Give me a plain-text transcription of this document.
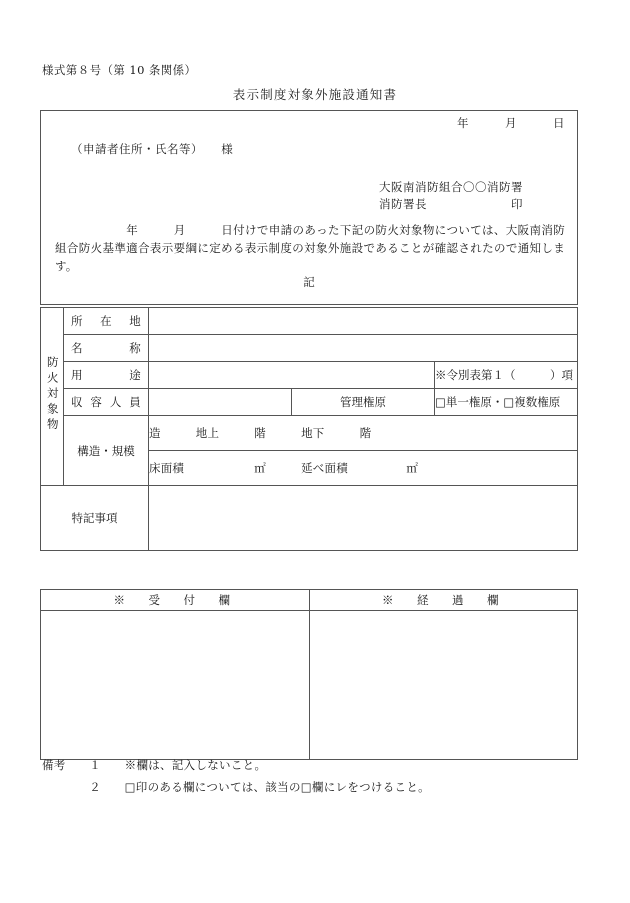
様式第８号（第 10 条関係）
表示制度対象外施設通知書
年　　　月　　　日
（申請者住所・氏名等）　　様
大阪南消防組合〇〇消防署
消防署長　　　　　　　印
　　　　　　年　　　月　　　日付けで申請のあった下記の防火対象物については、大阪南消防組合防火基準適合表示要綱に定める表示制度の対象外施設であることが確認されたので通知します。
記
防火対象物	所在地			
	名称			
	用途			※令別表第１（　　　）項
	収容人員		管理権原	□単一権原・□複数権原
	構造・規模	造　　　地上　　　階　　　地下　　　階		
		床面積　　　　　　㎡　　　延べ面積　　　　　㎡		
特記事項				
※　受　付　欄	※　経　過　欄

備考　　 １　　 ※欄は、記入しないこと。
　　　　２　　 □印のある欄については、該当の□欄にレをつけること。
